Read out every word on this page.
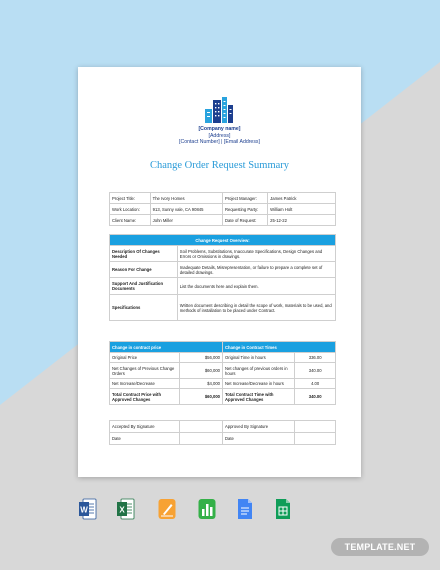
[Company name]
[Address]
[Contact Number] | [Email Address]
Change Order Request Summary
Project Title:	The Ivory Homes	Project Manager:	James Patrick
Work Location:	913, Sunny vale, CA 90845	Requesting Party:	William Holt
Client Name:	John Miller	Date of Request:	25-12-22
Change Request Overview:	
Description Of Changes Needed	Soil Problems, Substitutions, Inaccurate Specifications, Design Changes and Errors or Omissions in drawings.
Reason For Change	Inadequate Details, Misrepresentation, or failure to prepare a complete set of detailed drawings.
Support And Justification Documents	List the documents here and explain them.
Specifications	Written document describing in detail the scope of work, materials to be used, and methods of installation to be placed under Contract.
Change in contract price		Change in Contract Times	
Original Price	$56,000	Original Time in hours	336.00
Net Changes of Previous Change Orders	$60,000	Net changes of previous orders in hours	340.00
Net Increase/Decrease	$4,000	Net Increase/Decrease in hours	4.00
Total Contract Price with Approved Changes	$60,000	Total Contract Time with Approved Changes	340.00
Accepted By Signature		Approved By Signature	
Date		Date	
W	X
TEMPLATE.NET
